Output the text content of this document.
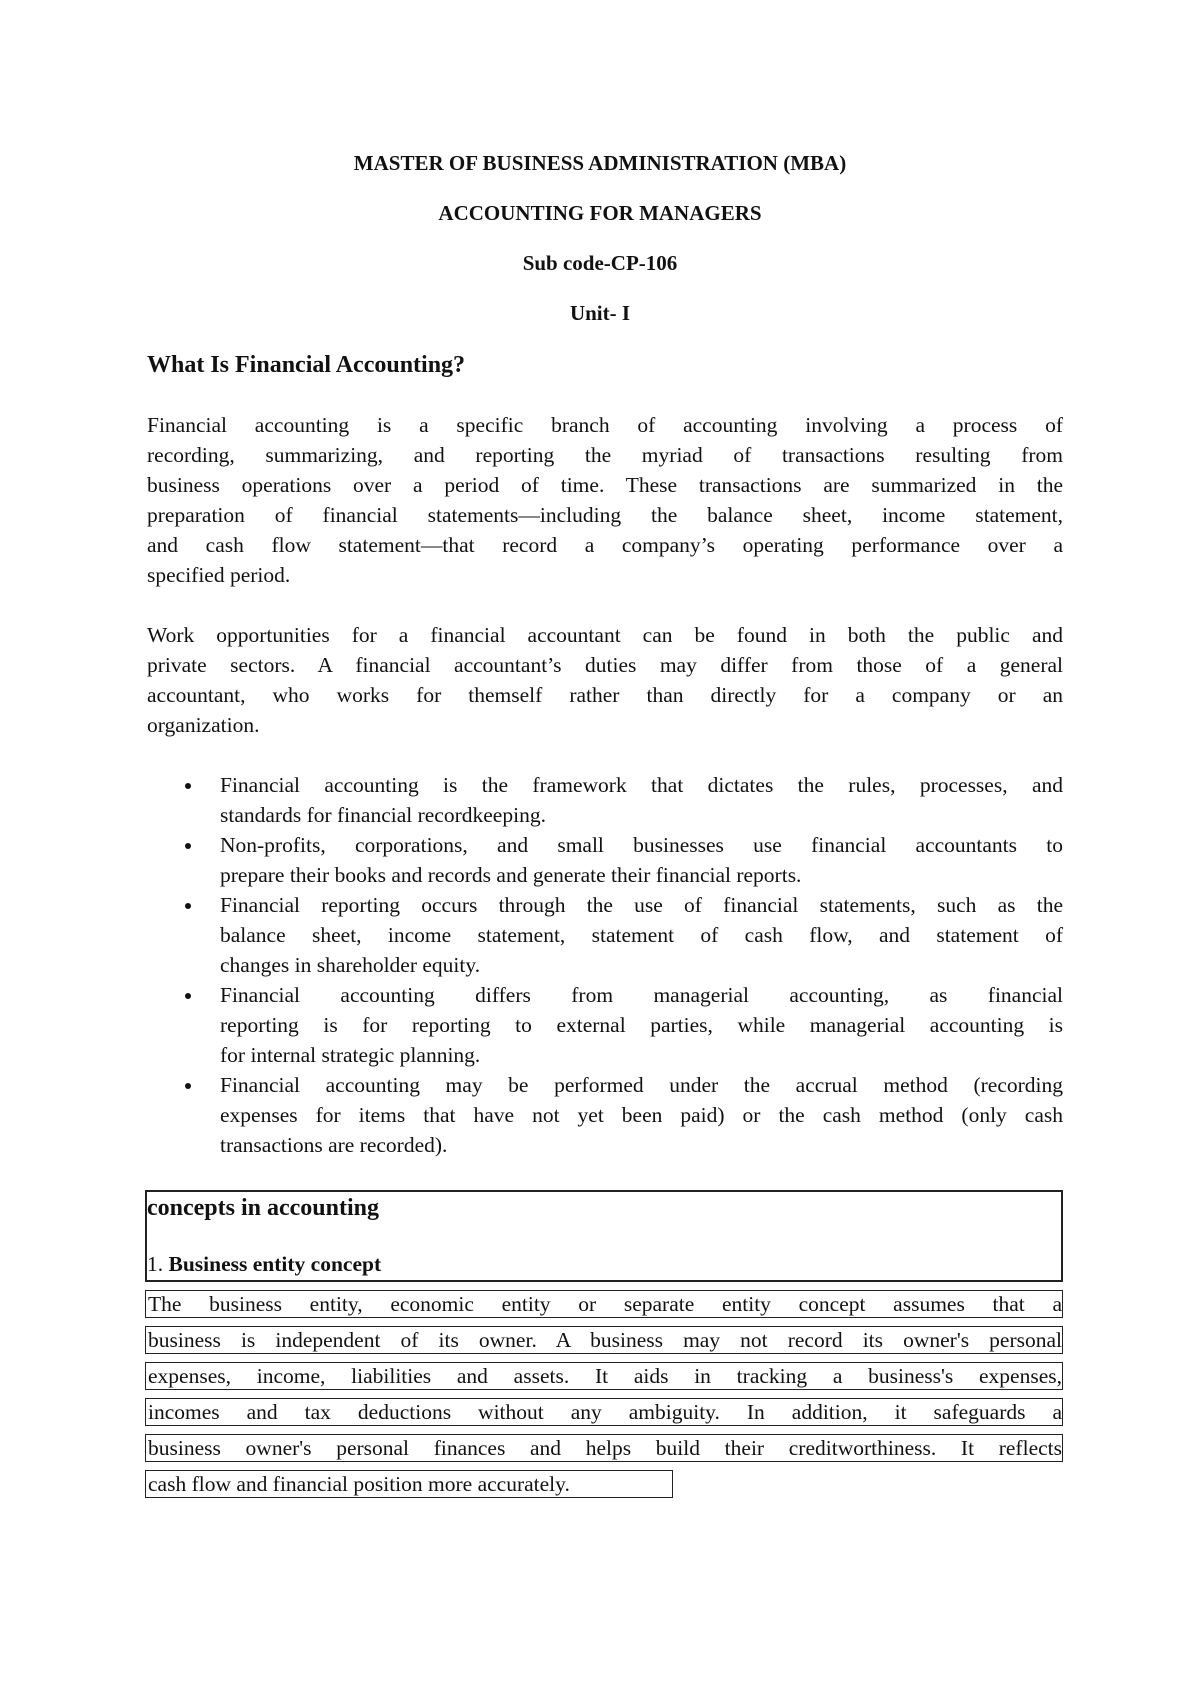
MASTER OF BUSINESS ADMINISTRATION (MBA)
ACCOUNTING FOR MANAGERS
Sub code-CP-106
Unit- I
What Is Financial Accounting?
Financial accounting is a specific branch of accounting involving a process of
recording, summarizing, and reporting the myriad of transactions resulting from
business operations over a period of time. These transactions are summarized in the
preparation of financial statements—including the balance sheet, income statement,
and cash flow statement—that record a company’s operating performance over a
specified period.
Work opportunities for a financial accountant can be found in both the public and
private sectors. A financial accountant’s duties may differ from those of a general
accountant, who works for themself rather than directly for a company or an
organization.
Financial accounting is the framework that dictates the rules, processes, and
standards for financial recordkeeping.
Non-profits, corporations, and small businesses use financial accountants to
prepare their books and records and generate their financial reports.
Financial reporting occurs through the use of financial statements, such as the
balance sheet, income statement, statement of cash flow, and statement of
changes in shareholder equity.
Financial accounting differs from managerial accounting, as financial
reporting is for reporting to external parties, while managerial accounting is
for internal strategic planning.
Financial accounting may be performed under the accrual method (recording
expenses for items that have not yet been paid) or the cash method (only cash
transactions are recorded).
concepts in accounting
1. Business entity concept
The business entity, economic entity or separate entity concept assumes that a
business is independent of its owner. A business may not record its owner's personal
expenses, income, liabilities and assets. It aids in tracking a business's expenses,
incomes and tax deductions without any ambiguity. In addition, it safeguards a
business owner's personal finances and helps build their creditworthiness. It reflects
cash flow and financial position more accurately.
